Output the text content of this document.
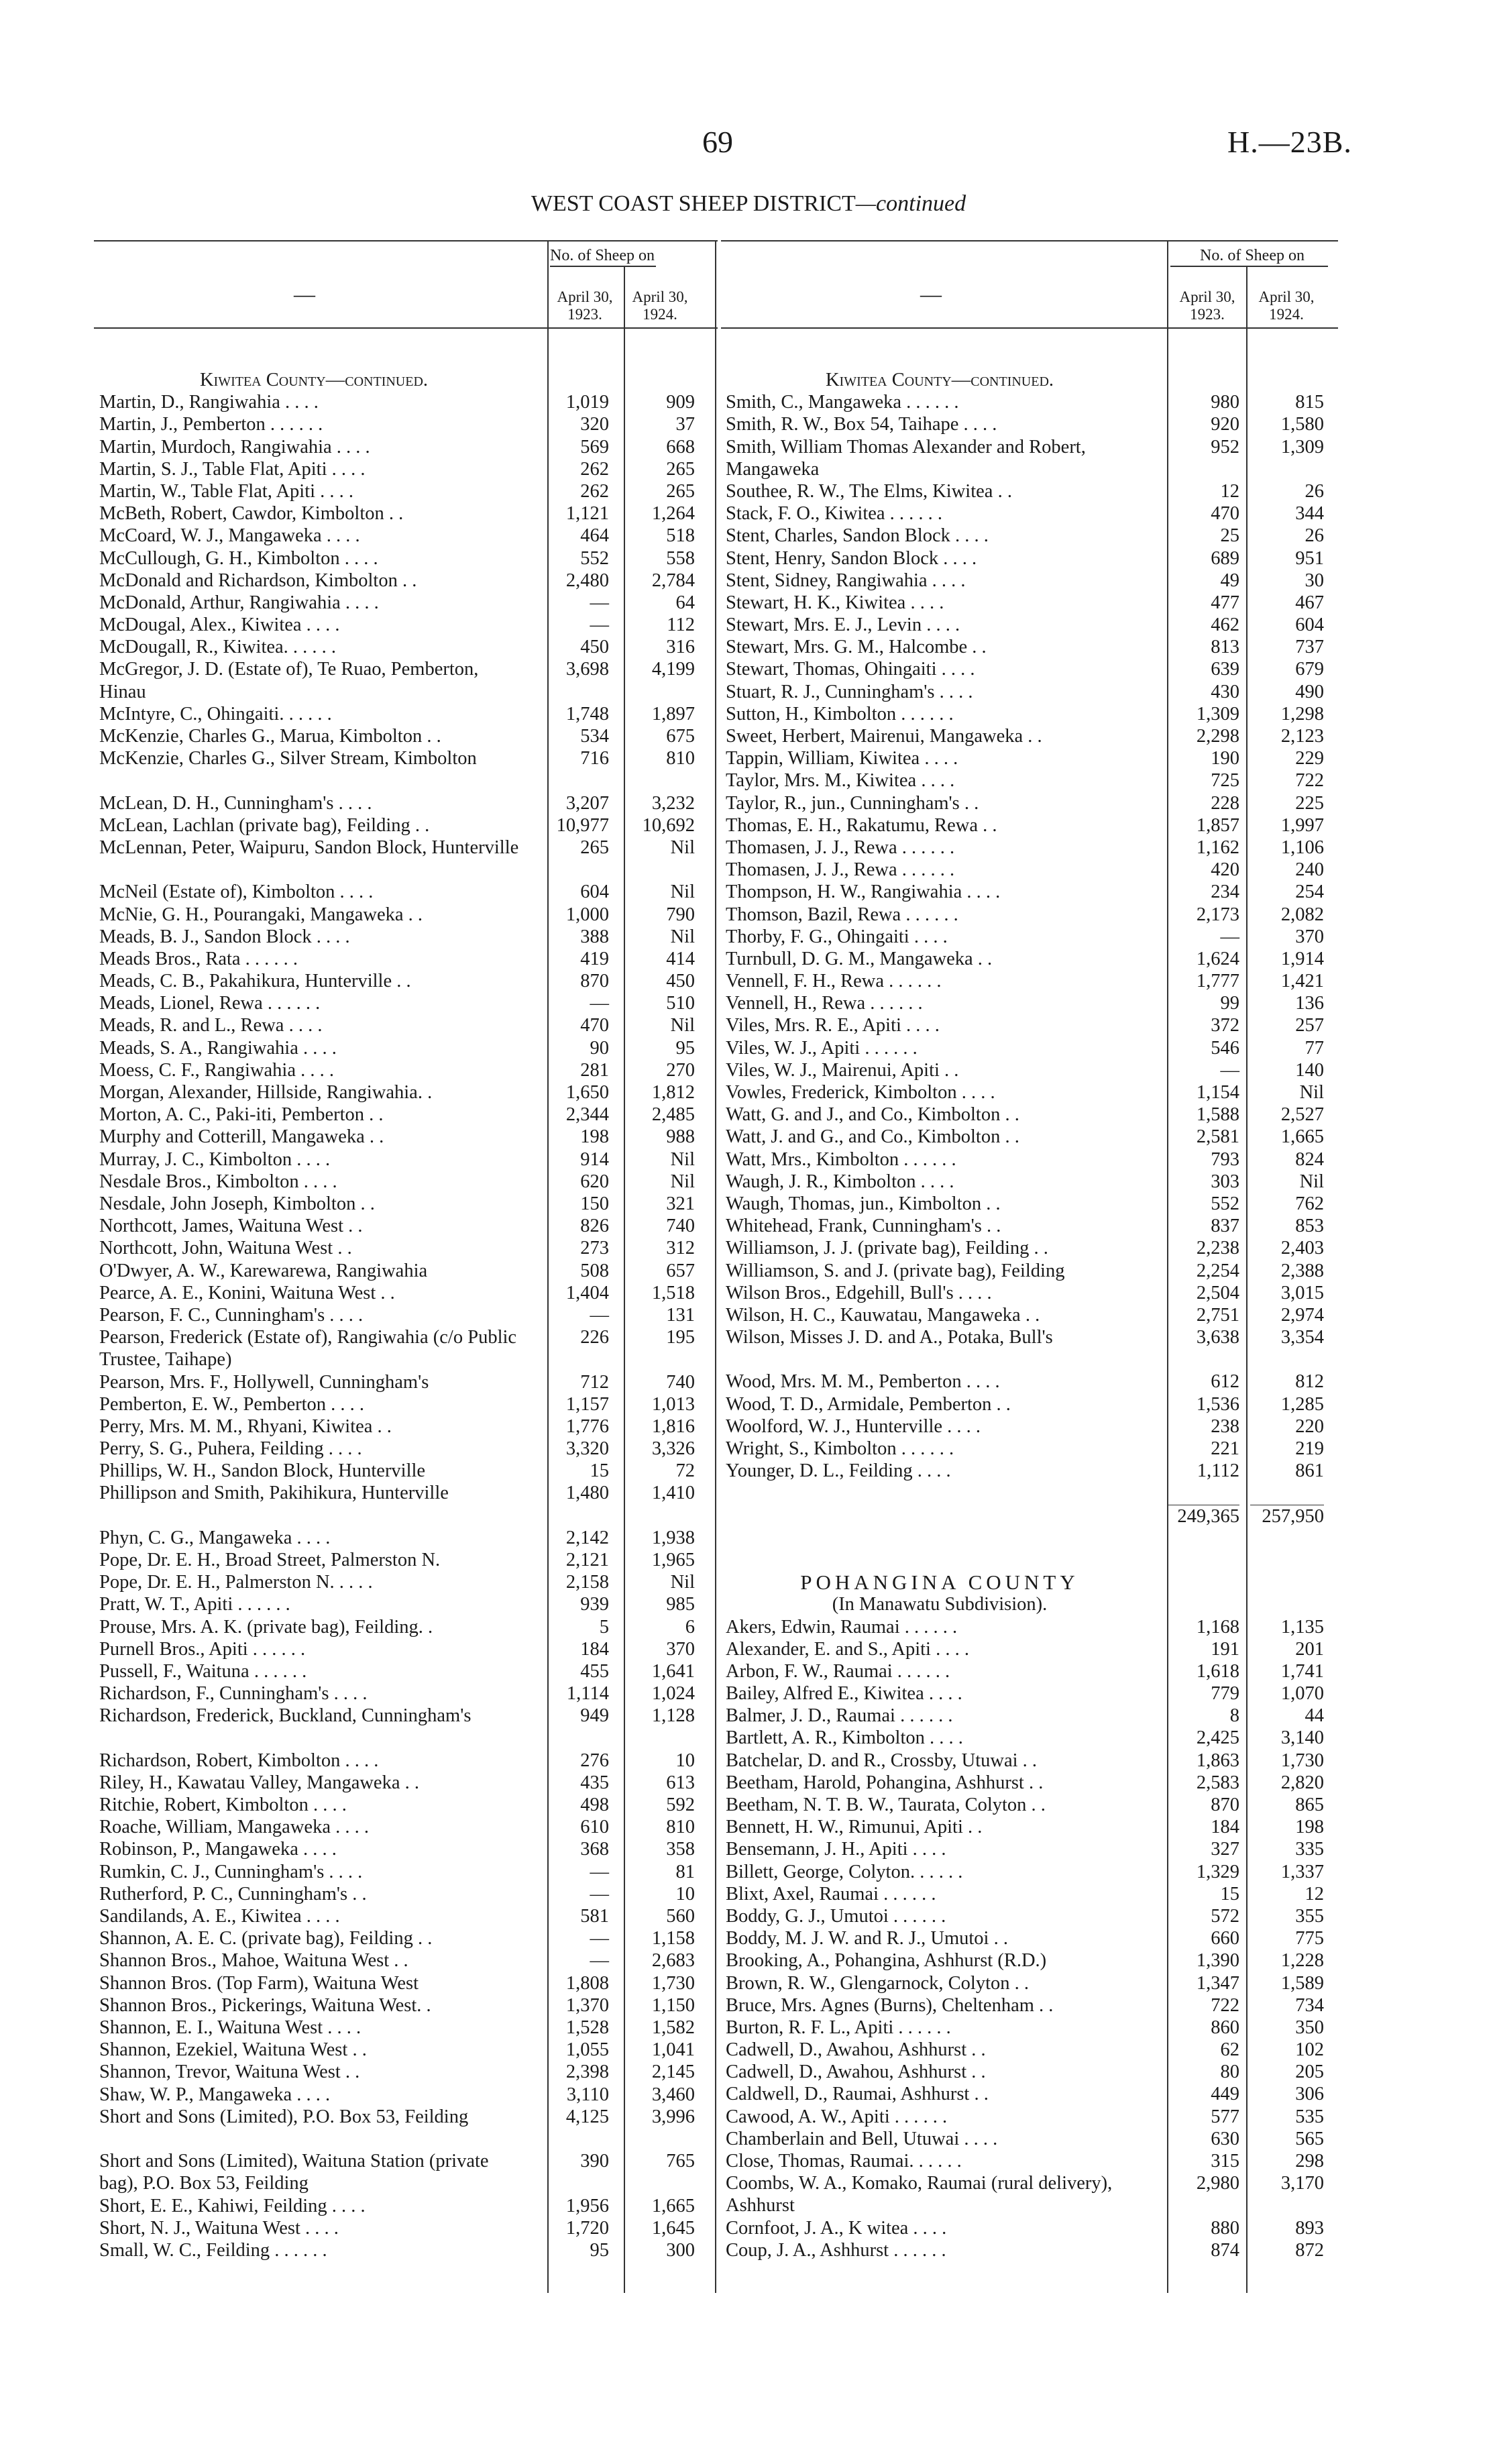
69	H.—23B.
WEST COAST SHEEP DISTRICT—continued
—
No. of Sheep on
April 30, 1923.
April 30, 1924.
Kiwitea County—continued.
Martin, D., Rangiwahia . . . .	1,019	909
Martin, J., Pemberton . . . . . .	320	37
Martin, Murdoch, Rangiwahia . . . .	569	668
Martin, S. J., Table Flat, Apiti . . . .	262	265
Martin, W., Table Flat, Apiti . . . .	262	265
McBeth, Robert, Cawdor, Kimbolton . .	1,121	1,264
McCoard, W. J., Mangaweka . . . .	464	518
McCullough, G. H., Kimbolton . . . .	552	558
McDonald and Richardson, Kimbolton . .	2,480	2,784
McDonald, Arthur, Rangiwahia . . . .	—	64
McDougal, Alex., Kiwitea . . . .	—	112
McDougall, R., Kiwitea. . . . . .	450	316
McGregor, J. D. (Estate of), Te Ruao, Pemberton, Hinau
3,698	4,199
McIntyre, C., Ohingaiti. . . . . .	1,748	1,897
McKenzie, Charles G., Marua, Kimbolton . .	534	675
McKenzie, Charles G., Silver Stream, Kimbolton	716	810
McLean, D. H., Cunningham's . . . .	3,207	3,232
McLean, Lachlan (private bag), Feilding . .	10,977	10,692
McLennan, Peter, Waipuru, Sandon Block, Hunterville	265	Nil
McNeil (Estate of), Kimbolton . . . .	604	Nil
McNie, G. H., Pourangaki, Mangaweka . .	1,000	790
Meads, B. J., Sandon Block . . . .	388	Nil
Meads Bros., Rata . . . . . .	419	414
Meads, C. B., Pakahikura, Hunterville . .	870	450
Meads, Lionel, Rewa . . . . . .	—	510
Meads, R. and L., Rewa . . . .	470	Nil
Meads, S. A., Rangiwahia . . . .	90	95
Moess, C. F., Rangiwahia . . . .	281	270
Morgan, Alexander, Hillside, Rangiwahia. .	1,650	1,812
Morton, A. C., Paki-iti, Pemberton . .	2,344	2,485
Murphy and Cotterill, Mangaweka . .	198	988
Murray, J. C., Kimbolton . . . .	914	Nil
Nesdale Bros., Kimbolton . . . .	620	Nil
Nesdale, John Joseph, Kimbolton . .	150	321
Northcott, James, Waituna West . .	826	740
Northcott, John, Waituna West . .	273	312
O'Dwyer, A. W., Karewarewa, Rangiwahia	508	657
Pearce, A. E., Konini, Waituna West . .	1,404	1,518
Pearson, F. C., Cunningham's . . . .	—	131
Pearson, Frederick (Estate of), Rangiwahia (c/o Public Trustee, Taihape)
226	195
Pearson, Mrs. F., Hollywell, Cunningham's	712	740
Pemberton, E. W., Pemberton . . . .	1,157	1,013
Perry, Mrs. M. M., Rhyani, Kiwitea . .	1,776	1,816
Perry, S. G., Puhera, Feilding . . . .	3,320	3,326
Phillips, W. H., Sandon Block, Hunterville	15	72
Phillipson and Smith, Pakihikura, Hunterville	1,480	1,410
Phyn, C. G., Mangaweka . . . .	2,142	1,938
Pope, Dr. E. H., Broad Street, Palmerston N.	2,121	1,965
Pope, Dr. E. H., Palmerston N. . . . .	2,158	Nil
Pratt, W. T., Apiti . . . . . .	939	985
Prouse, Mrs. A. K. (private bag), Feilding. .	5	6
Purnell Bros., Apiti . . . . . .	184	370
Pussell, F., Waituna . . . . . .	455	1,641
Richardson, F., Cunningham's . . . .	1,114	1,024
Richardson, Frederick, Buckland, Cunningham's	949	1,128
Richardson, Robert, Kimbolton . . . .	276	10
Riley, H., Kawatau Valley, Mangaweka . .	435	613
Ritchie, Robert, Kimbolton . . . .	498	592
Roache, William, Mangaweka . . . .	610	810
Robinson, P., Mangaweka . . . .	368	358
Rumkin, C. J., Cunningham's . . . .	—	81
Rutherford, P. C., Cunningham's . .	—	10
Sandilands, A. E., Kiwitea . . . .	581	560
Shannon, A. E. C. (private bag), Feilding . .	—	1,158
Shannon Bros., Mahoe, Waituna West . .	—	2,683
Shannon Bros. (Top Farm), Waituna West	1,808	1,730
Shannon Bros., Pickerings, Waituna West. .	1,370	1,150
Shannon, E. I., Waituna West . . . .	1,528	1,582
Shannon, Ezekiel, Waituna West . .	1,055	1,041
Shannon, Trevor, Waituna West . .	2,398	2,145
Shaw, W. P., Mangaweka . . . .	3,110	3,460
Short and Sons (Limited), P.O. Box 53, Feilding	4,125	3,996
Short and Sons (Limited), Waituna Station (private bag), P.O. Box 53, Feilding
390	765
Short, E. E., Kahiwi, Feilding . . . .	1,956	1,665
Short, N. J., Waituna West . . . .	1,720	1,645
Small, W. C., Feilding . . . . . .	95	300
—
No. of Sheep on
April 30, 1923.
April 30, 1924.
Kiwitea County—continued.
Smith, C., Mangaweka . . . . . .	980	815
Smith, R. W., Box 54, Taihape . . . .	920	1,580
Smith, William Thomas Alexander and Robert, Mangaweka
952	1,309
Southee, R. W., The Elms, Kiwitea . .	12	26
Stack, F. O., Kiwitea . . . . . .	470	344
Stent, Charles, Sandon Block . . . .	25	26
Stent, Henry, Sandon Block . . . .	689	951
Stent, Sidney, Rangiwahia . . . .	49	30
Stewart, H. K., Kiwitea . . . .	477	467
Stewart, Mrs. E. J., Levin . . . .	462	604
Stewart, Mrs. G. M., Halcombe . .	813	737
Stewart, Thomas, Ohingaiti . . . .	639	679
Stuart, R. J., Cunningham's . . . .	430	490
Sutton, H., Kimbolton . . . . . .	1,309	1,298
Sweet, Herbert, Mairenui, Mangaweka . .	2,298	2,123
Tappin, William, Kiwitea . . . .	190	229
Taylor, Mrs. M., Kiwitea . . . .	725	722
Taylor, R., jun., Cunningham's . .	228	225
Thomas, E. H., Rakatumu, Rewa . .	1,857	1,997
Thomasen, J. J., Rewa . . . . . .	1,162	1,106
Thomasen, J. J., Rewa . . . . . .	420	240
Thompson, H. W., Rangiwahia . . . .	234	254
Thomson, Bazil, Rewa . . . . . .	2,173	2,082
Thorby, F. G., Ohingaiti . . . .	—	370
Turnbull, D. G. M., Mangaweka . .	1,624	1,914
Vennell, F. H., Rewa . . . . . .	1,777	1,421
Vennell, H., Rewa . . . . . .	99	136
Viles, Mrs. R. E., Apiti . . . .	372	257
Viles, W. J., Apiti . . . . . .	546	77
Viles, W. J., Mairenui, Apiti . .	—	140
Vowles, Frederick, Kimbolton . . . .	1,154	Nil
Watt, G. and J., and Co., Kimbolton . .	1,588	2,527
Watt, J. and G., and Co., Kimbolton . .	2,581	1,665
Watt, Mrs., Kimbolton . . . . . .	793	824
Waugh, J. R., Kimbolton . . . .	303	Nil
Waugh, Thomas, jun., Kimbolton . .	552	762
Whitehead, Frank, Cunningham's . .	837	853
Williamson, J. J. (private bag), Feilding . .	2,238	2,403
Williamson, S. and J. (private bag), Feilding	2,254	2,388
Wilson Bros., Edgehill, Bull's . . . .	2,504	3,015
Wilson, H. C., Kauwatau, Mangaweka . .	2,751	2,974
Wilson, Misses J. D. and A., Potaka, Bull's	3,638	3,354
Wood, Mrs. M. M., Pemberton . . . .	612	812
Wood, T. D., Armidale, Pemberton . .	1,536	1,285
Woolford, W. J., Hunterville . . . .	238	220
Wright, S., Kimbolton . . . . . .	221	219
Younger, D. L., Feilding . . . .	1,112	861
249,365	257,950
POHANGINA COUNTY
(In Manawatu Subdivision).
Akers, Edwin, Raumai . . . . . .	1,168	1,135
Alexander, E. and S., Apiti . . . .	191	201
Arbon, F. W., Raumai . . . . . .	1,618	1,741
Bailey, Alfred E., Kiwitea . . . .	779	1,070
Balmer, J. D., Raumai . . . . . .	8	44
Bartlett, A. R., Kimbolton . . . .	2,425	3,140
Batchelar, D. and R., Crossby, Utuwai . .	1,863	1,730
Beetham, Harold, Pohangina, Ashhurst . .	2,583	2,820
Beetham, N. T. B. W., Taurata, Colyton . .	870	865
Bennett, H. W., Rimunui, Apiti . .	184	198
Bensemann, J. H., Apiti . . . .	327	335
Billett, George, Colyton. . . . . .	1,329	1,337
Blixt, Axel, Raumai . . . . . .	15	12
Boddy, G. J., Umutoi . . . . . .	572	355
Boddy, M. J. W. and R. J., Umutoi . .	660	775
Brooking, A., Pohangina, Ashhurst (R.D.)	1,390	1,228
Brown, R. W., Glengarnock, Colyton . .	1,347	1,589
Bruce, Mrs. Agnes (Burns), Cheltenham . .	722	734
Burton, R. F. L., Apiti . . . . . .	860	350
Cadwell, D., Awahou, Ashhurst . .	62	102
Cadwell, D., Awahou, Ashhurst . .	80	205
Caldwell, D., Raumai, Ashhurst . .	449	306
Cawood, A. W., Apiti . . . . . .	577	535
Chamberlain and Bell, Utuwai . . . .	630	565
Close, Thomas, Raumai. . . . . .	315	298
Coombs, W. A., Komako, Raumai (rural delivery), Ashhurst
2,980	3,170
Cornfoot, J. A., K witea . . . .	880	893
Coup, J. A., Ashhurst . . . . . .	874	872
